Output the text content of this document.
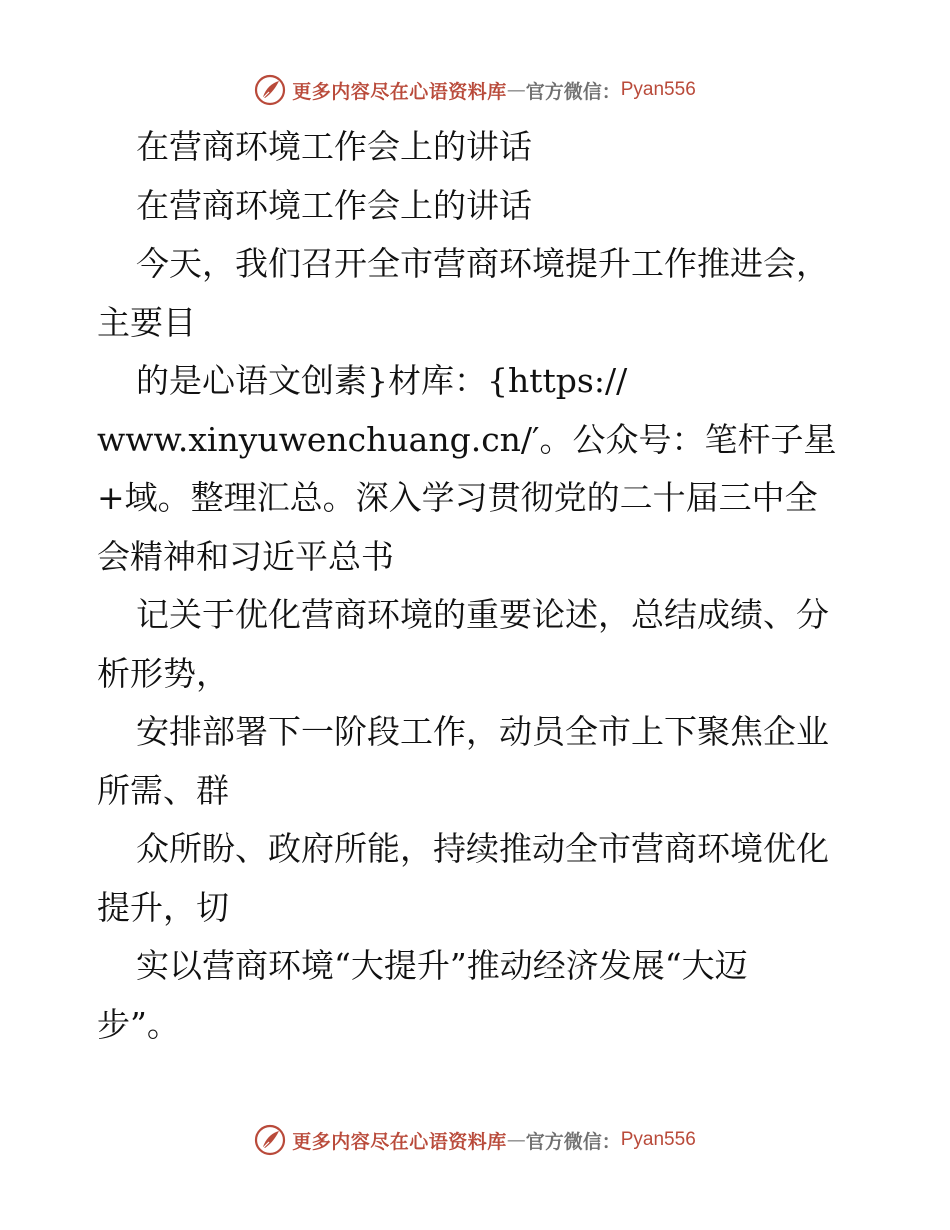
更多内容尽在心语资料库 — 官方微信： Pyan556
在营商环境工作会上的讲话
在营商环境工作会上的讲话
今天，我们召开全市营商环境提升工作推进会，
主要目
的是心语文创素}材库：{https://
www.xinyuwenchuang.cn/′。公众号：笔杆子星
+域。整理汇总。深入学习贯彻党的二十届三中全
会精神和习近平总书
记关于优化营商环境的重要论述，总结成绩、分
析形势，
安排部署下一阶段工作，动员全市上下聚焦企业
所需、群
众所盼、政府所能，持续推动全市营商环境优化
提升，切
实以营商环境“大提升”推动经济发展“大迈
步”。
更多内容尽在心语资料库 — 官方微信： Pyan556
